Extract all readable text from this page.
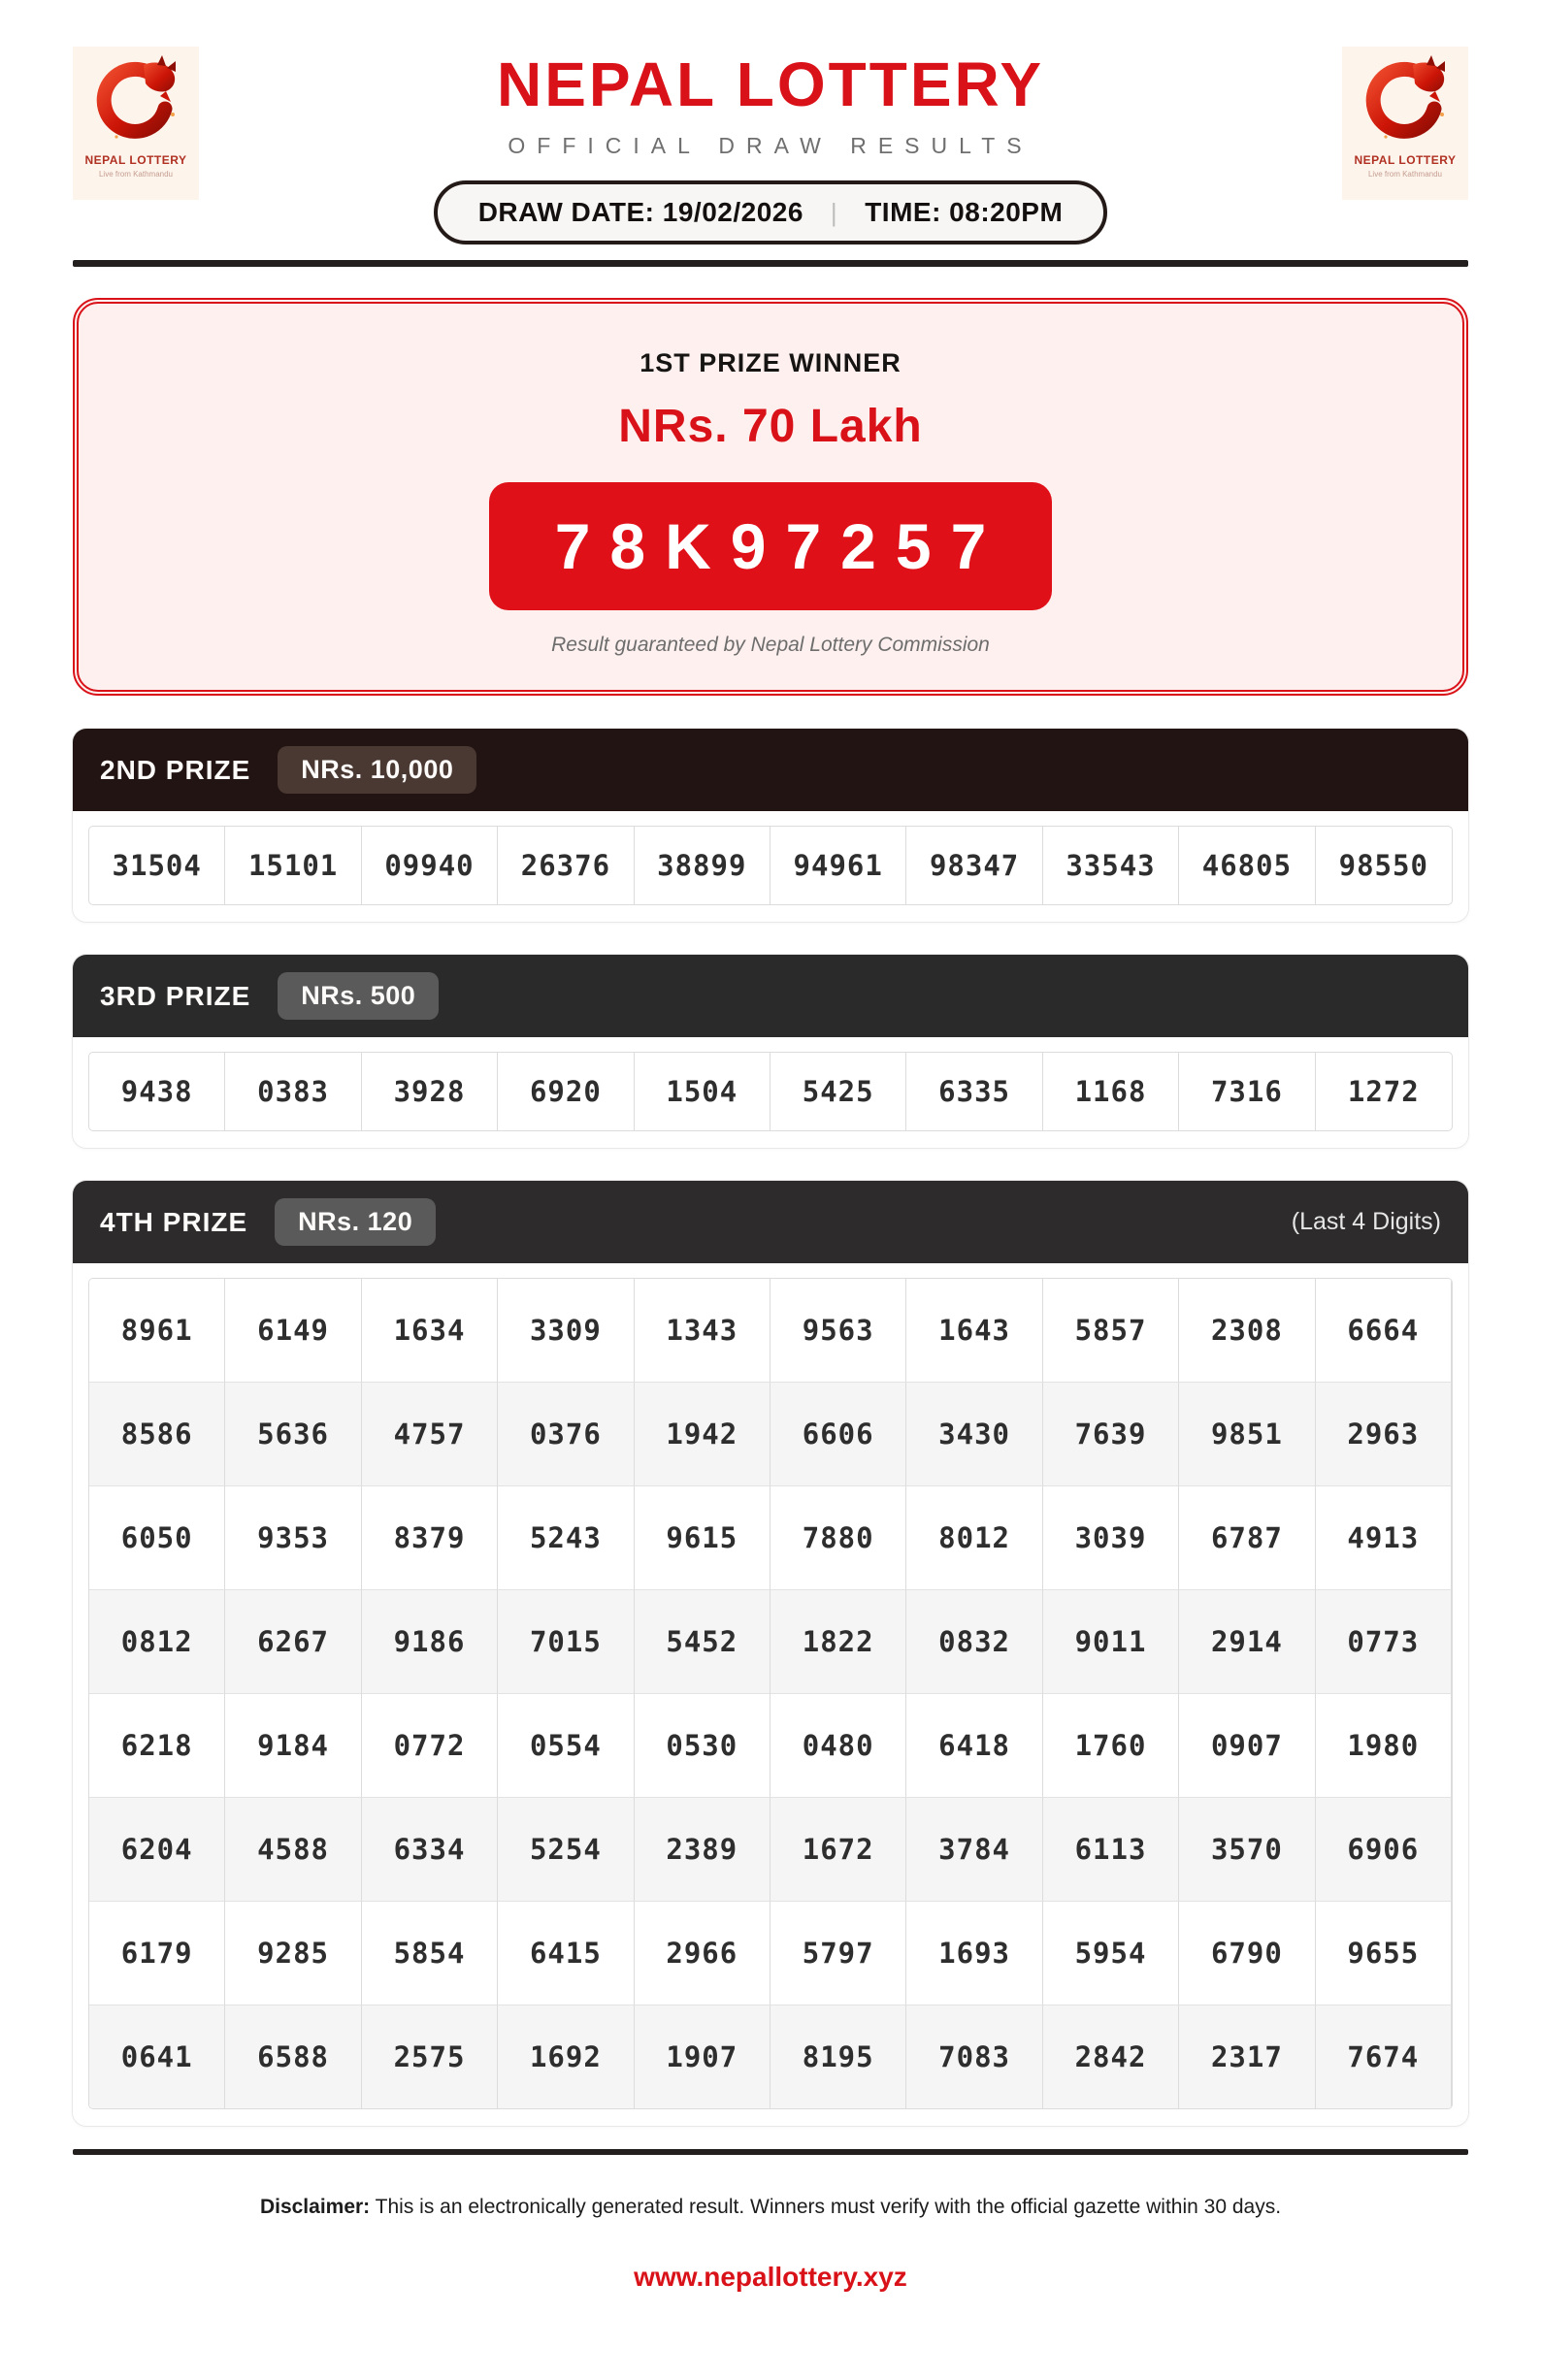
NEPAL LOTTERY
Live from Kathmandu
NEPAL LOTTERY
OFFICIAL DRAW RESULTS
DRAW DATE: 19/02/2026 | TIME: 08:20PM
NEPAL LOTTERY
Live from Kathmandu
1ST PRIZE WINNER
NRs. 70 Lakh
78K97257
Result guaranteed by Nepal Lottery Commission
2ND PRIZE	NRs. 10,000
31504	15101	09940	26376	38899	94961	98347	33543	46805	98550
3RD PRIZE	NRs. 500
9438	0383	3928	6920	1504	5425	6335	1168	7316	1272
4TH PRIZE	NRs. 120	(Last 4 Digits)
8961	6149	1634	3309	1343	9563	1643	5857	2308	6664
8586	5636	4757	0376	1942	6606	3430	7639	9851	2963
6050	9353	8379	5243	9615	7880	8012	3039	6787	4913
0812	6267	9186	7015	5452	1822	0832	9011	2914	0773
6218	9184	0772	0554	0530	0480	6418	1760	0907	1980
6204	4588	6334	5254	2389	1672	3784	6113	3570	6906
6179	9285	5854	6415	2966	5797	1693	5954	6790	9655
0641	6588	2575	1692	1907	8195	7083	2842	2317	7674

Disclaimer: This is an electronically generated result. Winners must verify with the official gazette within 30 days.

www.nepallottery.xyz
